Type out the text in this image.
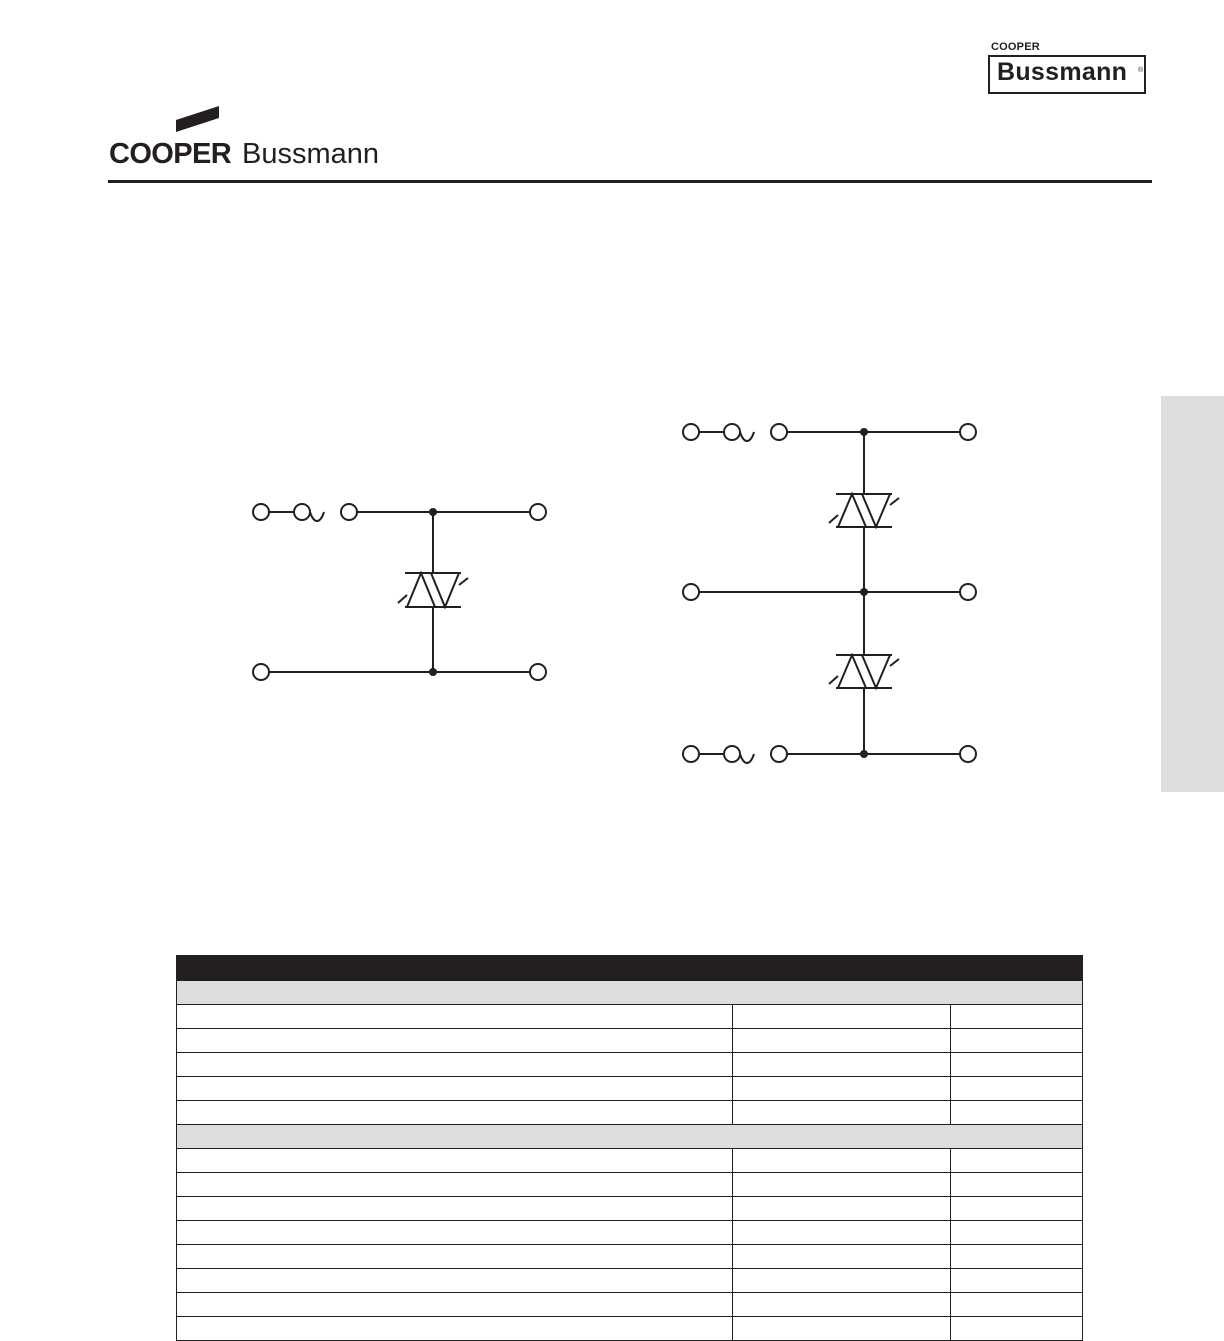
COOPER
Bussmann ®
COOPER Bussmann
